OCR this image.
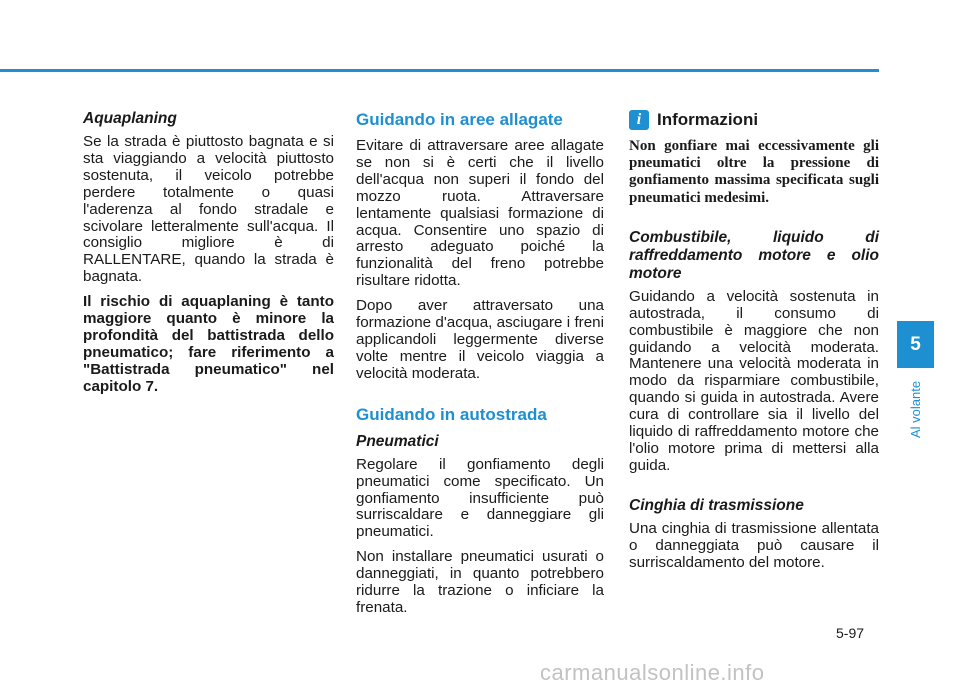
Aquaplaning

Se la strada è piuttosto bagnata e si sta viaggiando a velocità piuttosto sostenuta, il veicolo potrebbe perdere totalmente o quasi l'aderenza al fondo stradale e scivolare letteralmente sull'acqua. Il consiglio migliore è di RALLENTARE, quando la strada è bagnata.

Il rischio di aquaplaning è tanto maggiore quanto è minore la profondità del battistrada dello pneumatico; fare riferimento a "Battistrada pneumatico" nel capitolo 7.

Guidando in aree allagate

Evitare di attraversare aree allagate se non si è certi che il livello dell'acqua non superi il fondo del mozzo ruota. Attraversare lentamente qualsiasi formazione di acqua. Consentire uno spazio di arresto adeguato poiché la funzionalità del freno potrebbe risultare ridotta.

Dopo aver attraversato una formazione d'acqua, asciugare i freni applicandoli leggermente diverse volte mentre il veicolo viaggia a velocità moderata.

Guidando in autostrada
Pneumatici

Regolare il gonfiamento degli pneumatici come specificato. Un gonfiamento insufficiente può surriscaldare e danneggiare gli pneumatici.

Non installare pneumatici usurati o danneggiati, in quanto potrebbero ridurre la trazione o inficiare la frenata.

i Informazioni
Non gonfiare mai eccessivamente gli pneumatici oltre la pressione di gonfiamento massima specificata sugli pneumatici medesimi.
Combustibile, liquido di raffreddamento motore e olio motore

Guidando a velocità sostenuta in autostrada, il consumo di combustibile è maggiore che non guidando a velocità moderata. Mantenere una velocità moderata in modo da risparmiare combustibile, quando si guida in autostrada. Avere cura di controllare sia il livello del liquido di raffreddamento motore che l'olio motore prima di mettersi alla guida.

Cinghia di trasmissione

Una cinghia di trasmissione allentata o danneggiata può causare il surriscaldamento del motore.

5
Al volante
5-97
carmanualsonline.info
